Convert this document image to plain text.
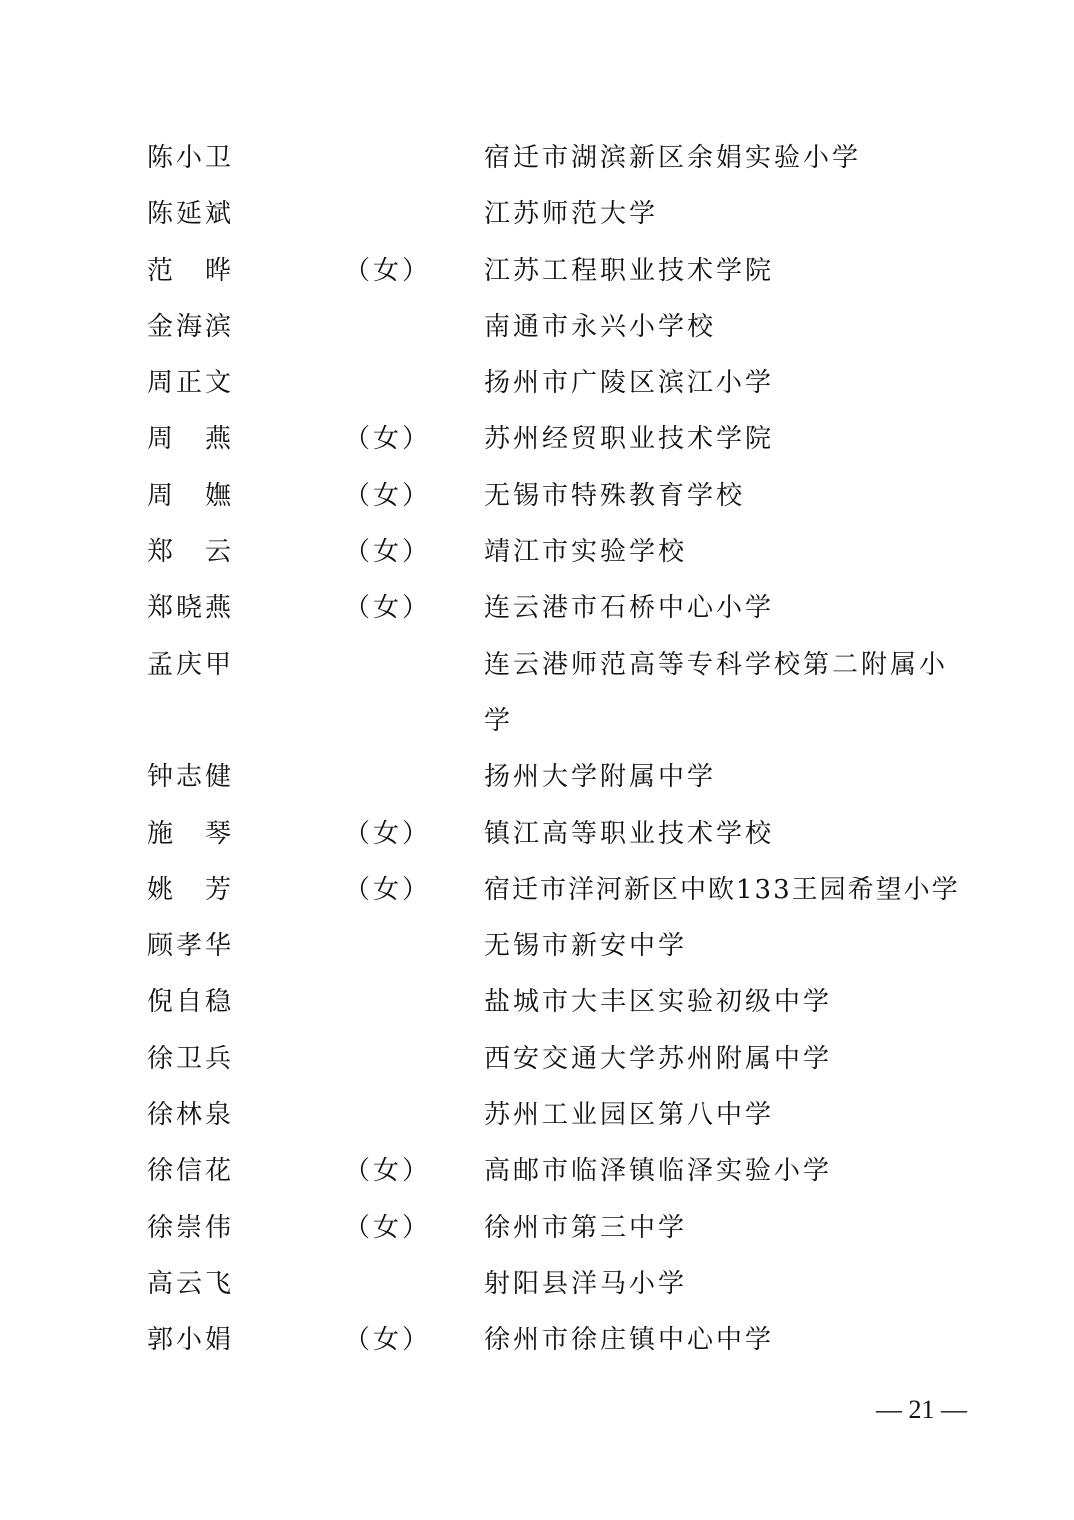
陈小卫	宿迁市湖滨新区余娟实验小学
陈延斌	江苏师范大学
范　晔	（女） 江苏工程职业技术学院
金海滨	南通市永兴小学校
周正文	扬州市广陵区滨江小学
周　燕	（女） 苏州经贸职业技术学院
周　嫵	（女） 无锡市特殊教育学校
郑　云	（女） 靖江市实验学校
郑晓燕	（女） 连云港市石桥中心小学
孟庆甲	连云港师范高等专科学校第二附属小学
钟志健	扬州大学附属中学
施　琴	（女） 镇江高等职业技术学校
姚　芳	（女） 宿迁市洋河新区中欧133王园希望小学
顾孝华	无锡市新安中学
倪自稳	盐城市大丰区实验初级中学
徐卫兵	西安交通大学苏州附属中学
徐林泉	苏州工业园区第八中学
徐信花	（女） 高邮市临泽镇临泽实验小学
徐崇伟	（女） 徐州市第三中学
高云飞	射阳县洋马小学
郭小娟	（女） 徐州市徐庄镇中心中学
— 21 —
